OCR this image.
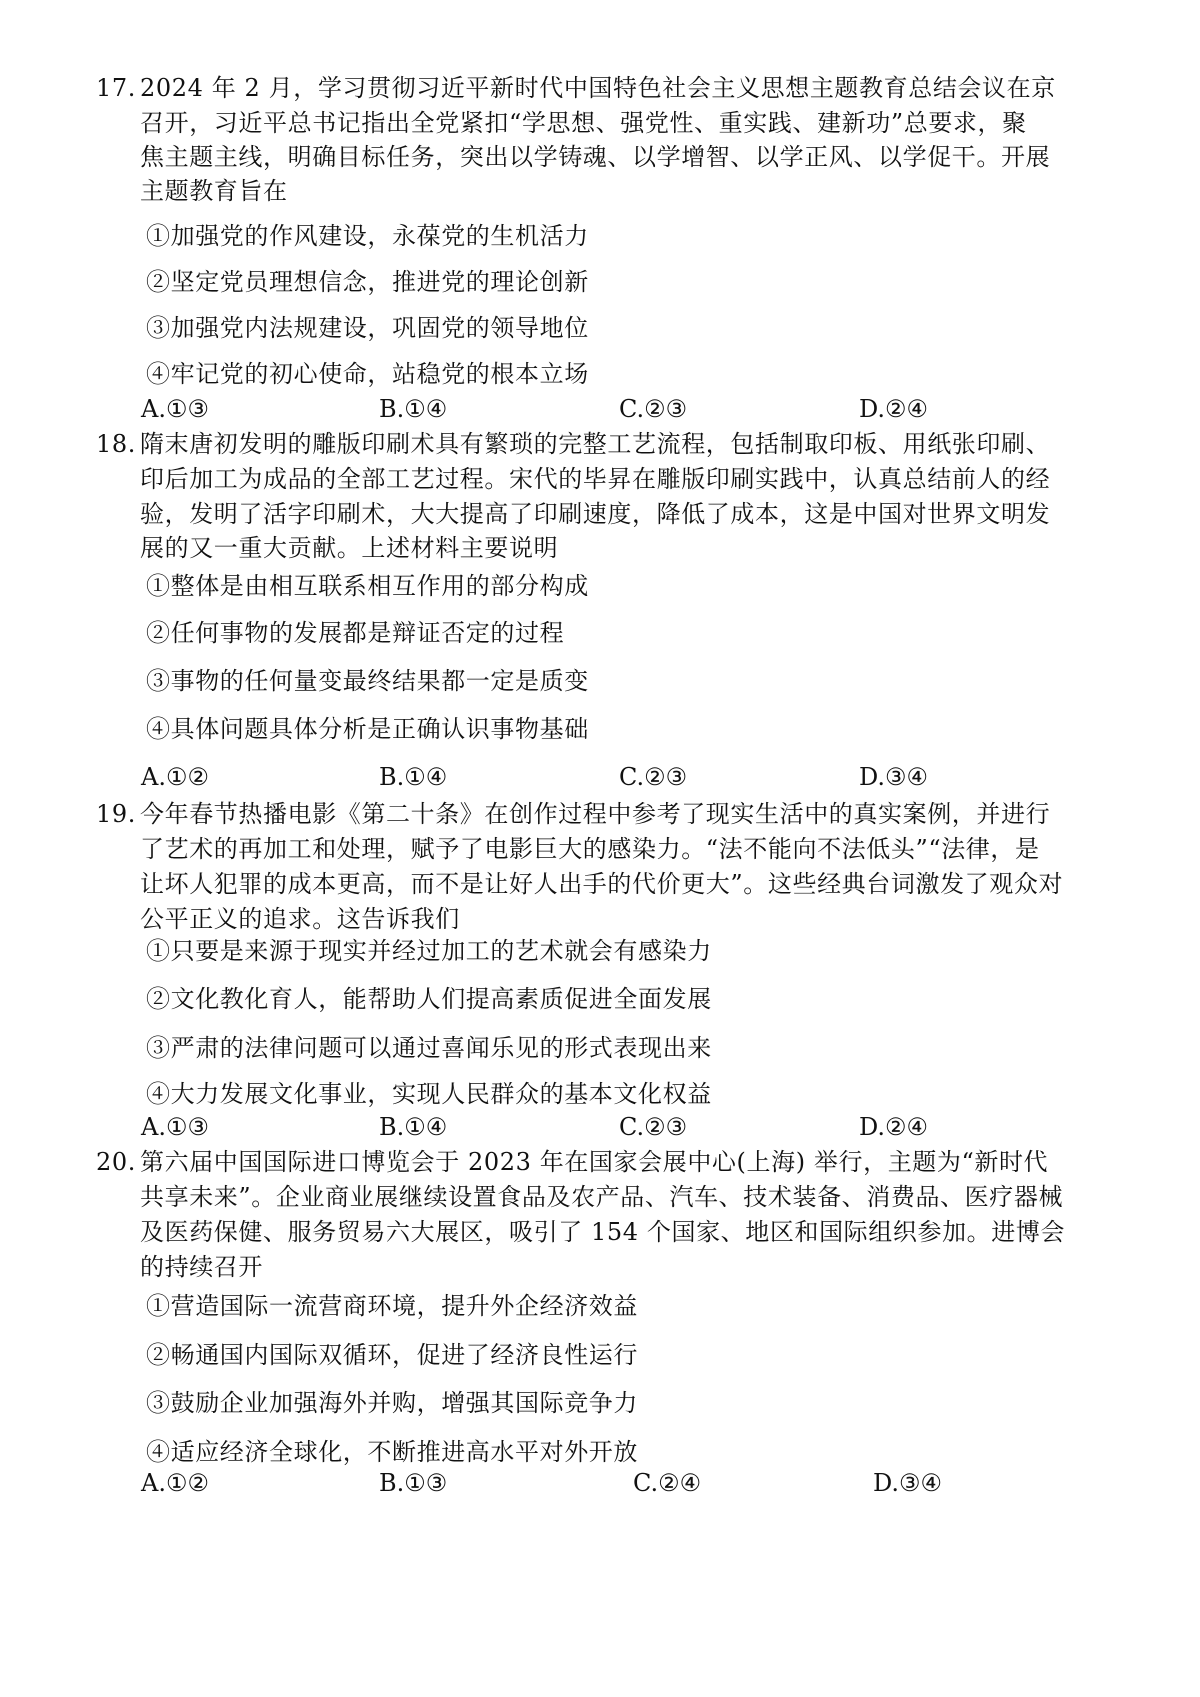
17. 2024 年 2 月，学习贯彻习近平新时代中国特色社会主义思想主题教育总结会议在京
召开，习近平总书记指出全党紧扣“学思想、强党性、重实践、建新功”总要求，聚
焦主题主线，明确目标任务，突出以学铸魂、以学增智、以学正风、以学促干。开展
主题教育旨在
①加强党的作风建设，永葆党的生机活力
②坚定党员理想信念，推进党的理论创新
③加强党内法规建设，巩固党的领导地位
④牢记党的初心使命，站稳党的根本立场
A.①③	B.①④	C.②③	D.②④
18. 隋末唐初发明的雕版印刷术具有繁琐的完整工艺流程，包括制取印板、用纸张印刷、
印后加工为成品的全部工艺过程。宋代的毕昇在雕版印刷实践中，认真总结前人的经
验，发明了活字印刷术，大大提高了印刷速度，降低了成本，这是中国对世界文明发
展的又一重大贡献。上述材料主要说明
①整体是由相互联系相互作用的部分构成
②任何事物的发展都是辩证否定的过程
③事物的任何量变最终结果都一定是质变
④具体问题具体分析是正确认识事物基础
A.①②	B.①④	C.②③	D.③④
19. 今年春节热播电影《第二十条》在创作过程中参考了现实生活中的真实案例，并进行
了艺术的再加工和处理，赋予了电影巨大的感染力。“法不能向不法低头”“法律，是
让坏人犯罪的成本更高，而不是让好人出手的代价更大”。这些经典台词激发了观众对
公平正义的追求。这告诉我们
①只要是来源于现实并经过加工的艺术就会有感染力
②文化教化育人，能帮助人们提高素质促进全面发展
③严肃的法律问题可以通过喜闻乐见的形式表现出来
④大力发展文化事业，实现人民群众的基本文化权益
A.①③	B.①④	C.②③	D.②④
20. 第六届中国国际进口博览会于 2023 年在国家会展中心(上海) 举行，主题为“新时代
共享未来”。企业商业展继续设置食品及农产品、汽车、技术装备、消费品、医疗器械
及医药保健、服务贸易六大展区，吸引了 154 个国家、地区和国际组织参加。进博会
的持续召开
①营造国际一流营商环境，提升外企经济效益
②畅通国内国际双循环，促进了经济良性运行
③鼓励企业加强海外并购，增强其国际竞争力
④适应经济全球化，不断推进高水平对外开放
A.①②	B.①③	C.②④	D.③④
